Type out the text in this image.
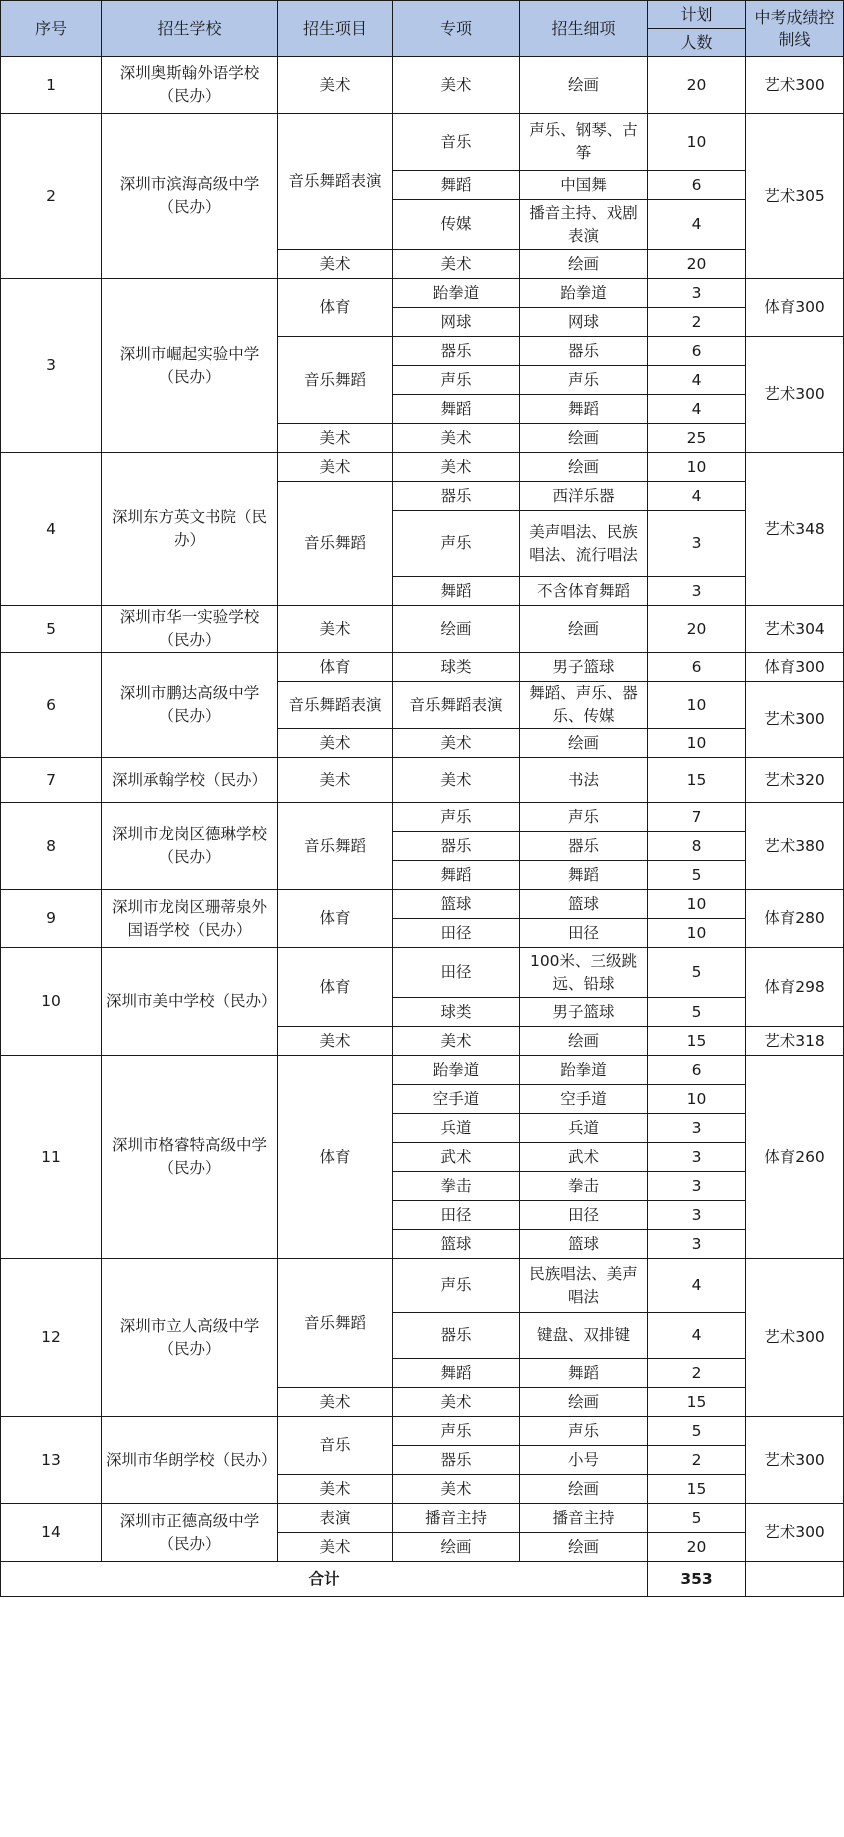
序号	招生学校	招生项目	专项	招生细项	计划	中考成绩控制线
					人数	
1	深圳奥斯翰外语学校（民办）	美术	美术	绘画	20	艺术300
2	深圳市滨海高级中学（民办）	音乐舞蹈表演	音乐	声乐、钢琴、古筝	10	艺术305
			舞蹈	中国舞	6	
			传媒	播音主持、戏剧表演	4	
		美术	美术	绘画	20	
3	深圳市崛起实验中学（民办）	体育	跆拳道	跆拳道	3	体育300
			网球	网球	2	
		音乐舞蹈	器乐	器乐	6	艺术300
			声乐	声乐	4	
			舞蹈	舞蹈	4	
		美术	美术	绘画	25	
4	深圳东方英文书院（民办）	美术	美术	绘画	10	艺术348
		音乐舞蹈	器乐	西洋乐器	4	
			声乐	美声唱法、民族唱法、流行唱法	3	
			舞蹈	不含体育舞蹈	3	
5	深圳市华一实验学校（民办）	美术	绘画	绘画	20	艺术304
6	深圳市鹏达高级中学（民办）	体育	球类	男子篮球	6	体育300
		音乐舞蹈表演	音乐舞蹈表演	舞蹈、声乐、器乐、传媒	10	艺术300
		美术	美术	绘画	10	
7	深圳承翰学校（民办）	美术	美术	书法	15	艺术320
8	深圳市龙岗区德琳学校（民办）	音乐舞蹈	声乐	声乐	7	艺术380
			器乐	器乐	8	
			舞蹈	舞蹈	5	
9	深圳市龙岗区珊蒂泉外国语学校（民办）	体育	篮球	篮球	10	体育280
			田径	田径	10	
10	深圳市美中学校（民办）	体育	田径	100米、三级跳远、铅球	5	体育298
			球类	男子篮球	5	
		美术	美术	绘画	15	艺术318
11	深圳市格睿特高级中学（民办）	体育	跆拳道	跆拳道	6	体育260
			空手道	空手道	10	
			兵道	兵道	3	
			武术	武术	3	
			拳击	拳击	3	
			田径	田径	3	
			篮球	篮球	3	
12	深圳市立人高级中学（民办）	音乐舞蹈	声乐	民族唱法、美声唱法	4	艺术300
			器乐	键盘、双排键	4	
			舞蹈	舞蹈	2	
		美术	美术	绘画	15	
13	深圳市华朗学校（民办）	音乐	声乐	声乐	5	艺术300
			器乐	小号	2	
		美术	美术	绘画	15	
14	深圳市正德高级中学（民办）	表演	播音主持	播音主持	5	艺术300
		美术	绘画	绘画	20	
合计					353	
